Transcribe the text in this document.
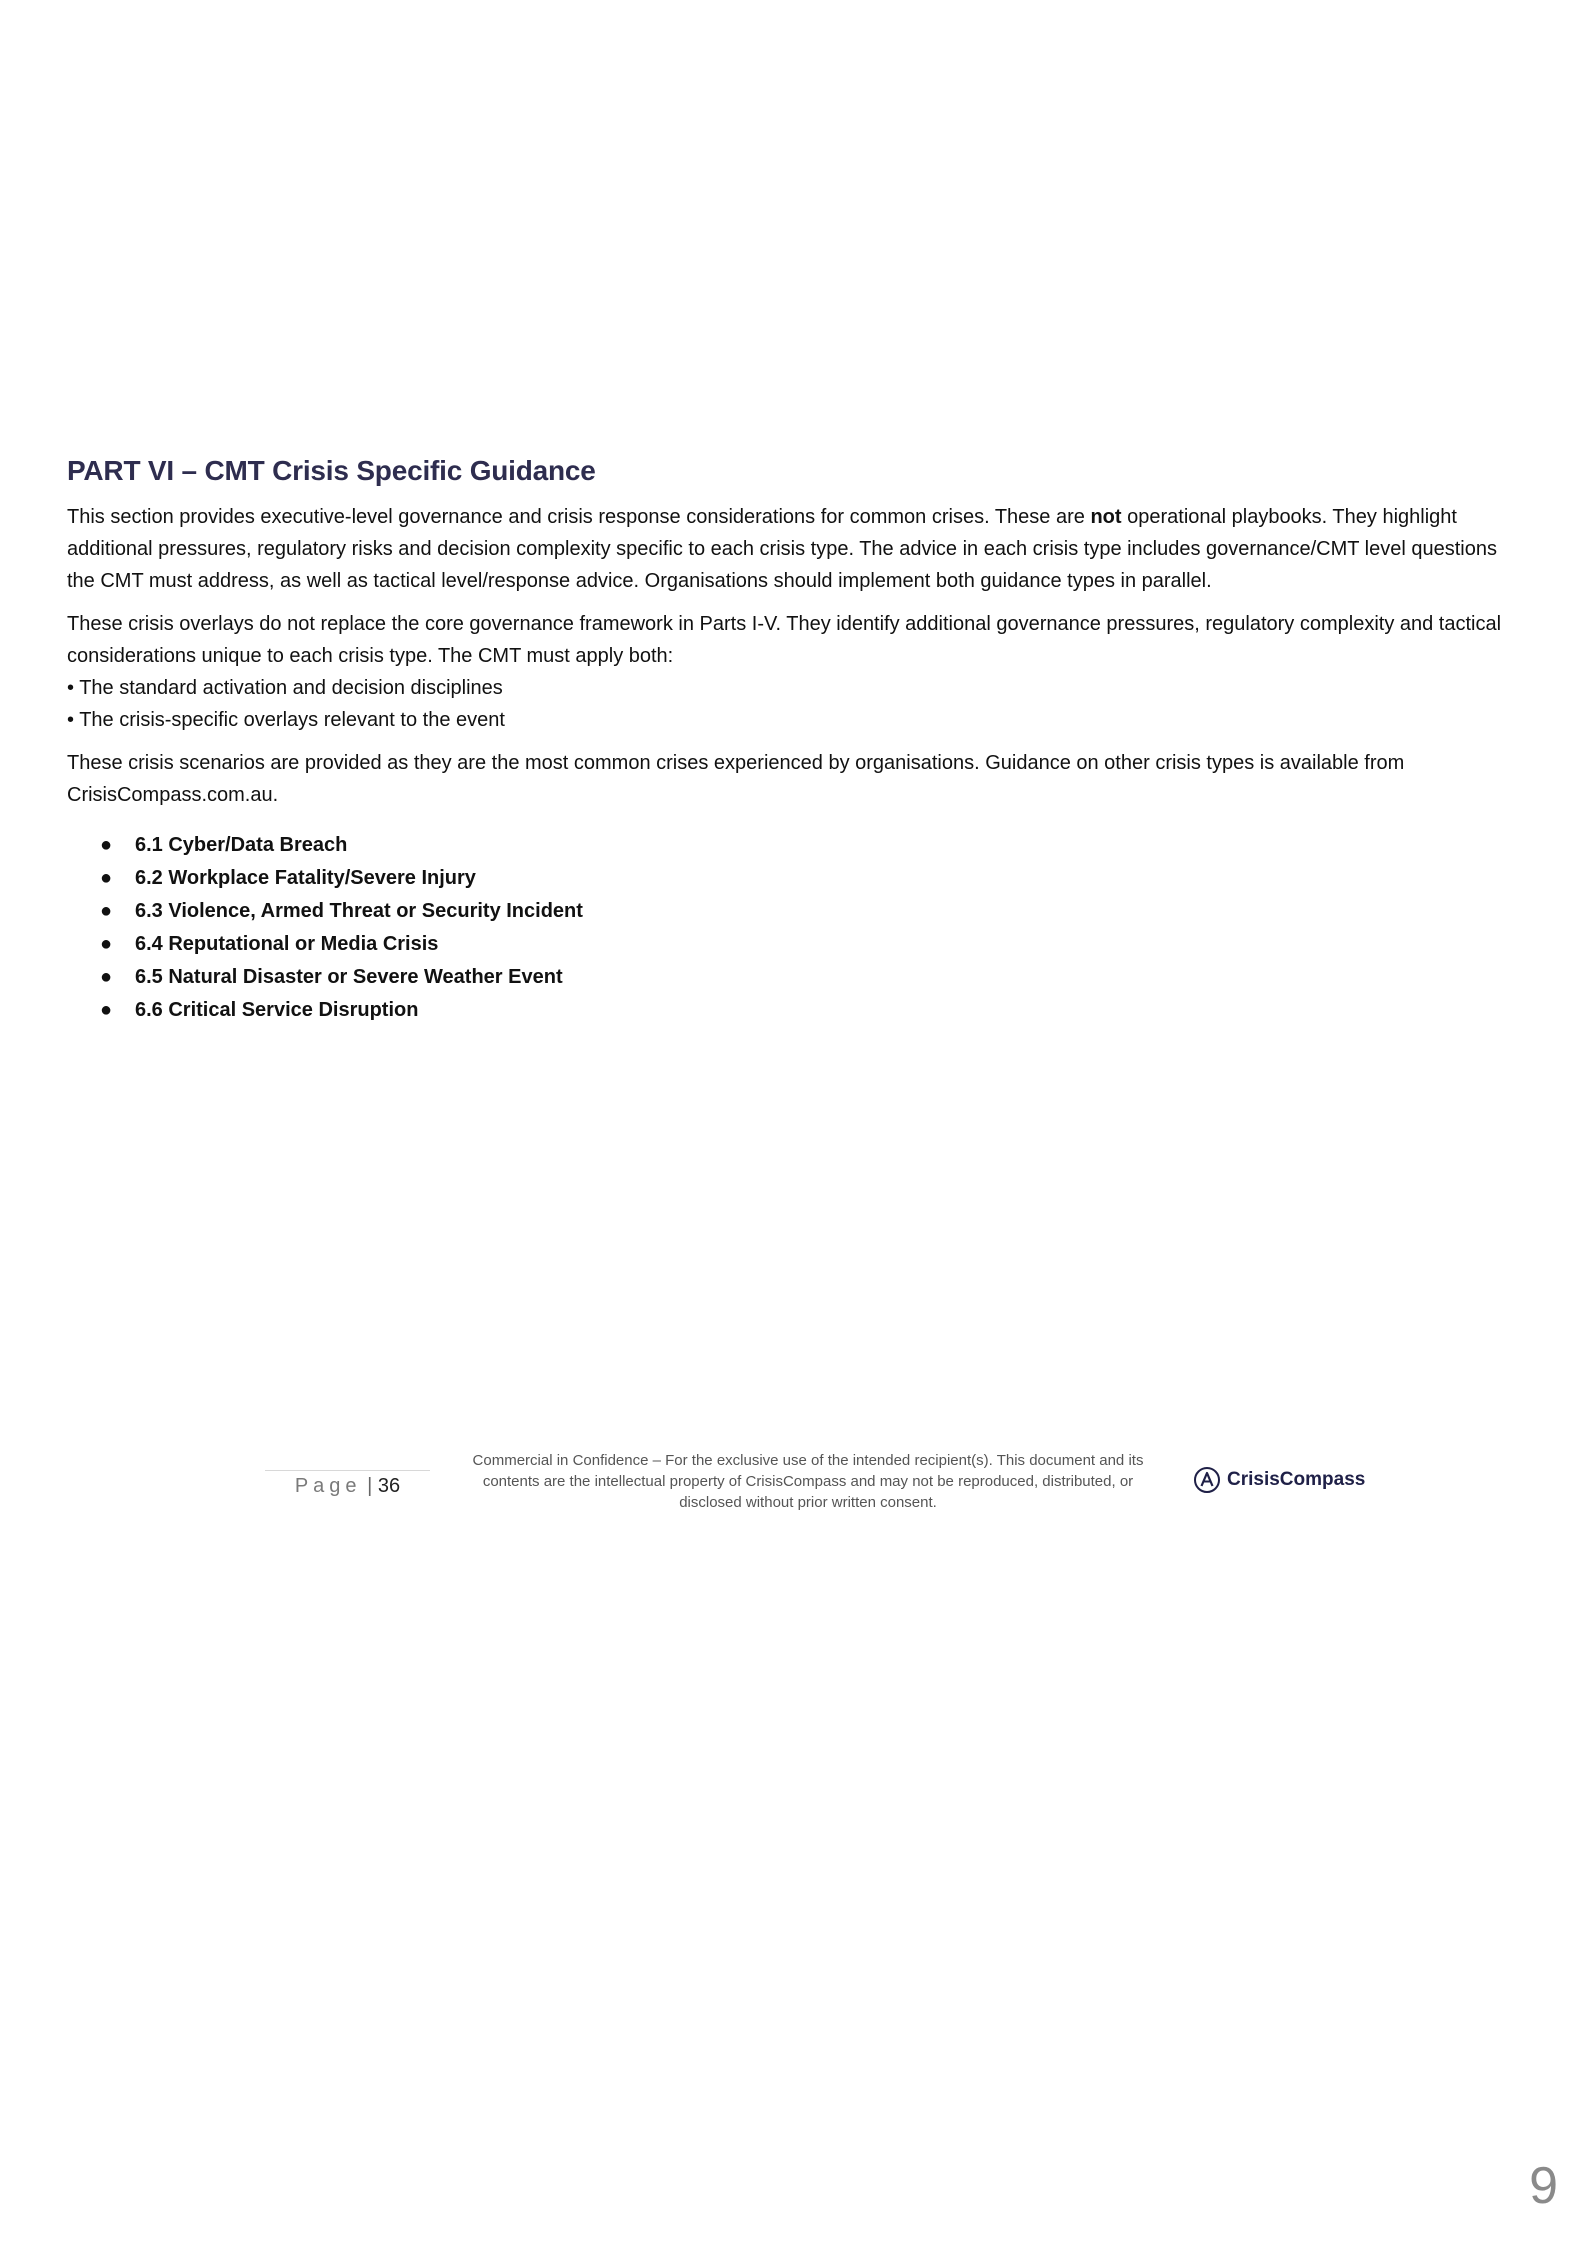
PART VI – CMT Crisis Specific Guidance

This section provides executive-level governance and crisis response considerations for common crises. These are not operational playbooks. They highlight additional pressures, regulatory risks and decision complexity specific to each crisis type. The advice in each crisis type includes governance/CMT level questions the CMT must address, as well as tactical level/response advice. Organisations should implement both guidance types in parallel.

These crisis overlays do not replace the core governance framework in Parts I-V. They identify additional governance pressures, regulatory complexity and tactical considerations unique to each crisis type. The CMT must apply both:
• The standard activation and decision disciplines
• The crisis-specific overlays relevant to the event

These crisis scenarios are provided as they are the most common crises experienced by organisations. Guidance on other crisis types is available from CrisisCompass.com.au.

● 6.1 Cyber/Data Breach
● 6.2 Workplace Fatality/Severe Injury
● 6.3 Violence, Armed Threat or Security Incident
● 6.4 Reputational or Media Crisis
● 6.5 Natural Disaster or Severe Weather Event
● 6.6 Critical Service Disruption
Page | 36
Commercial in Confidence – For the exclusive use of the intended recipient(s). This document and its contents are the intellectual property of CrisisCompass and may not be reproduced, distributed, or disclosed without prior written consent.
CrisisCompass
9
